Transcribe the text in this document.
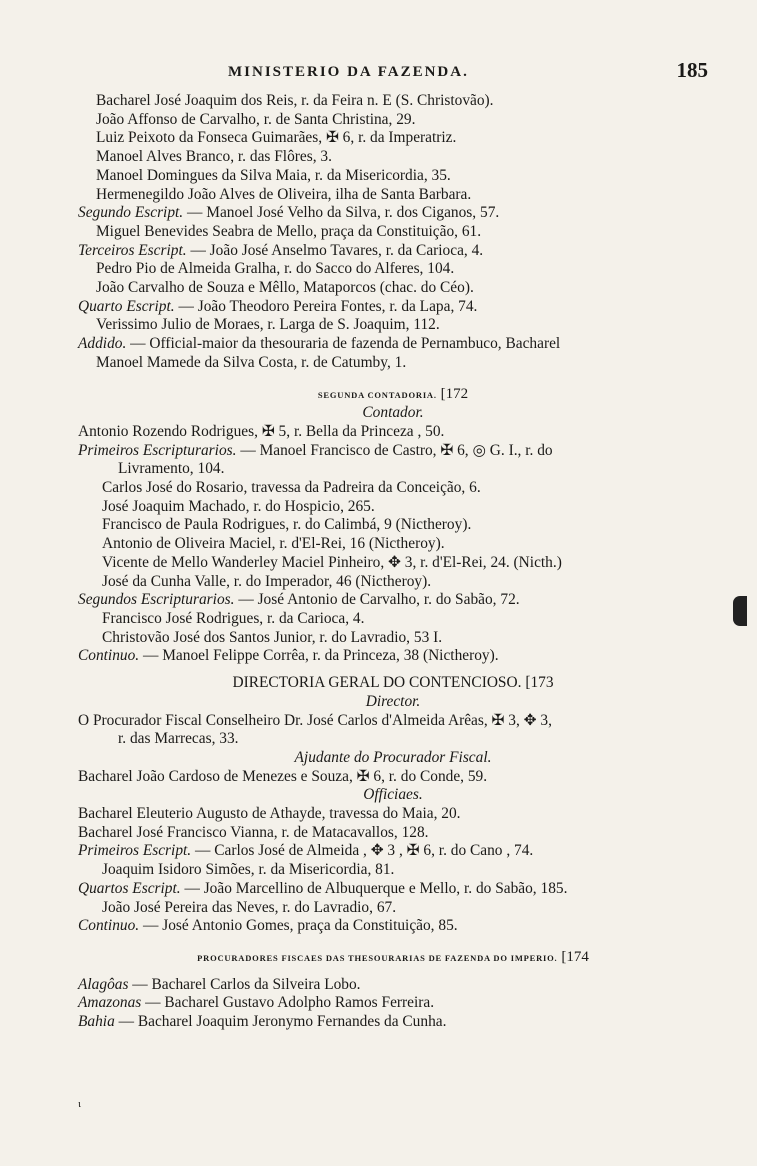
ι
MINISTERIO DA FAZENDA.	185
Bacharel José Joaquim dos Reis, r. da Feira n. E (S. Christovão).
João Affonso de Carvalho, r. de Santa Christina, 29.
Luiz Peixoto da Fonseca Guimarães, ✠ 6, r. da Imperatriz.
Manoel Alves Branco, r. das Flôres, 3.
Manoel Domingues da Silva Maia, r. da Misericordia, 35.
Hermenegildo João Alves de Oliveira, ilha de Santa Barbara.
Segundo Escript. — Manoel José Velho da Silva, r. dos Ciganos, 57.
Miguel Benevides Seabra de Mello, praça da Constituição, 61.
Terceiros Escript. — João José Anselmo Tavares, r. da Carioca, 4.
Pedro Pio de Almeida Gralha, r. do Sacco do Alferes, 104.
João Carvalho de Souza e Mêllo, Mataporcos (chac. do Céo).
Quarto Escript. — João Theodoro Pereira Fontes, r. da Lapa, 74.
Verissimo Julio de Moraes, r. Larga de S. Joaquim, 112.
Addido. — Official-maior da thesouraria de fazenda de Pernambuco, Bacharel
Manoel Mamede da Silva Costa, r. de Catumby, 1.
SEGUNDA CONTADORIA. [172
Contador.
Antonio Rozendo Rodrigues, ✠ 5, r. Bella da Princeza , 50.
Primeiros Escripturarios. — Manoel Francisco de Castro, ✠ 6, ◎ G. I., r. do
Livramento, 104.
Carlos José do Rosario, travessa da Padreira da Conceição, 6.
José Joaquim Machado, r. do Hospicio, 265.
Francisco de Paula Rodrigues, r. do Calimbá, 9 (Nictheroy).
Antonio de Oliveira Maciel, r. d'El-Rei, 16 (Nictheroy).
Vicente de Mello Wanderley Maciel Pinheiro, ✥ 3, r. d'El-Rei, 24. (Nicth.)
José da Cunha Valle, r. do Imperador, 46 (Nictheroy).
Segundos Escripturarios. — José Antonio de Carvalho, r. do Sabão, 72.
Francisco José Rodrigues, r. da Carioca, 4.
Christovão José dos Santos Junior, r. do Lavradio, 53 I.
Continuo. — Manoel Felippe Corrêa, r. da Princeza, 38 (Nictheroy).
DIRECTORIA GERAL DO CONTENCIOSO. [173
Director.
O Procurador Fiscal Conselheiro Dr. José Carlos d'Almeida Arêas, ✠ 3, ✥ 3,
r. das Marrecas, 33.
Ajudante do Procurador Fiscal.
Bacharel João Cardoso de Menezes e Souza, ✠ 6, r. do Conde, 59.
Officiaes.
Bacharel Eleuterio Augusto de Athayde, travessa do Maia, 20.
Bacharel José Francisco Vianna, r. de Matacavallos, 128.
Primeiros Escript. — Carlos José de Almeida , ✥ 3 , ✠ 6, r. do Cano , 74.
Joaquim Isidoro Simões, r. da Misericordia, 81.
Quartos Escript. — João Marcellino de Albuquerque e Mello, r. do Sabão, 185.
João José Pereira das Neves, r. do Lavradio, 67.
Continuo. — José Antonio Gomes, praça da Constituição, 85.
PROCURADORES FISCAES DAS THESOURARIAS DE FAZENDA DO IMPERIO. [174
Alagôas — Bacharel Carlos da Silveira Lobo.
Amazonas — Bacharel Gustavo Adolpho Ramos Ferreira.
Bahia — Bacharel Joaquim Jeronymo Fernandes da Cunha.
